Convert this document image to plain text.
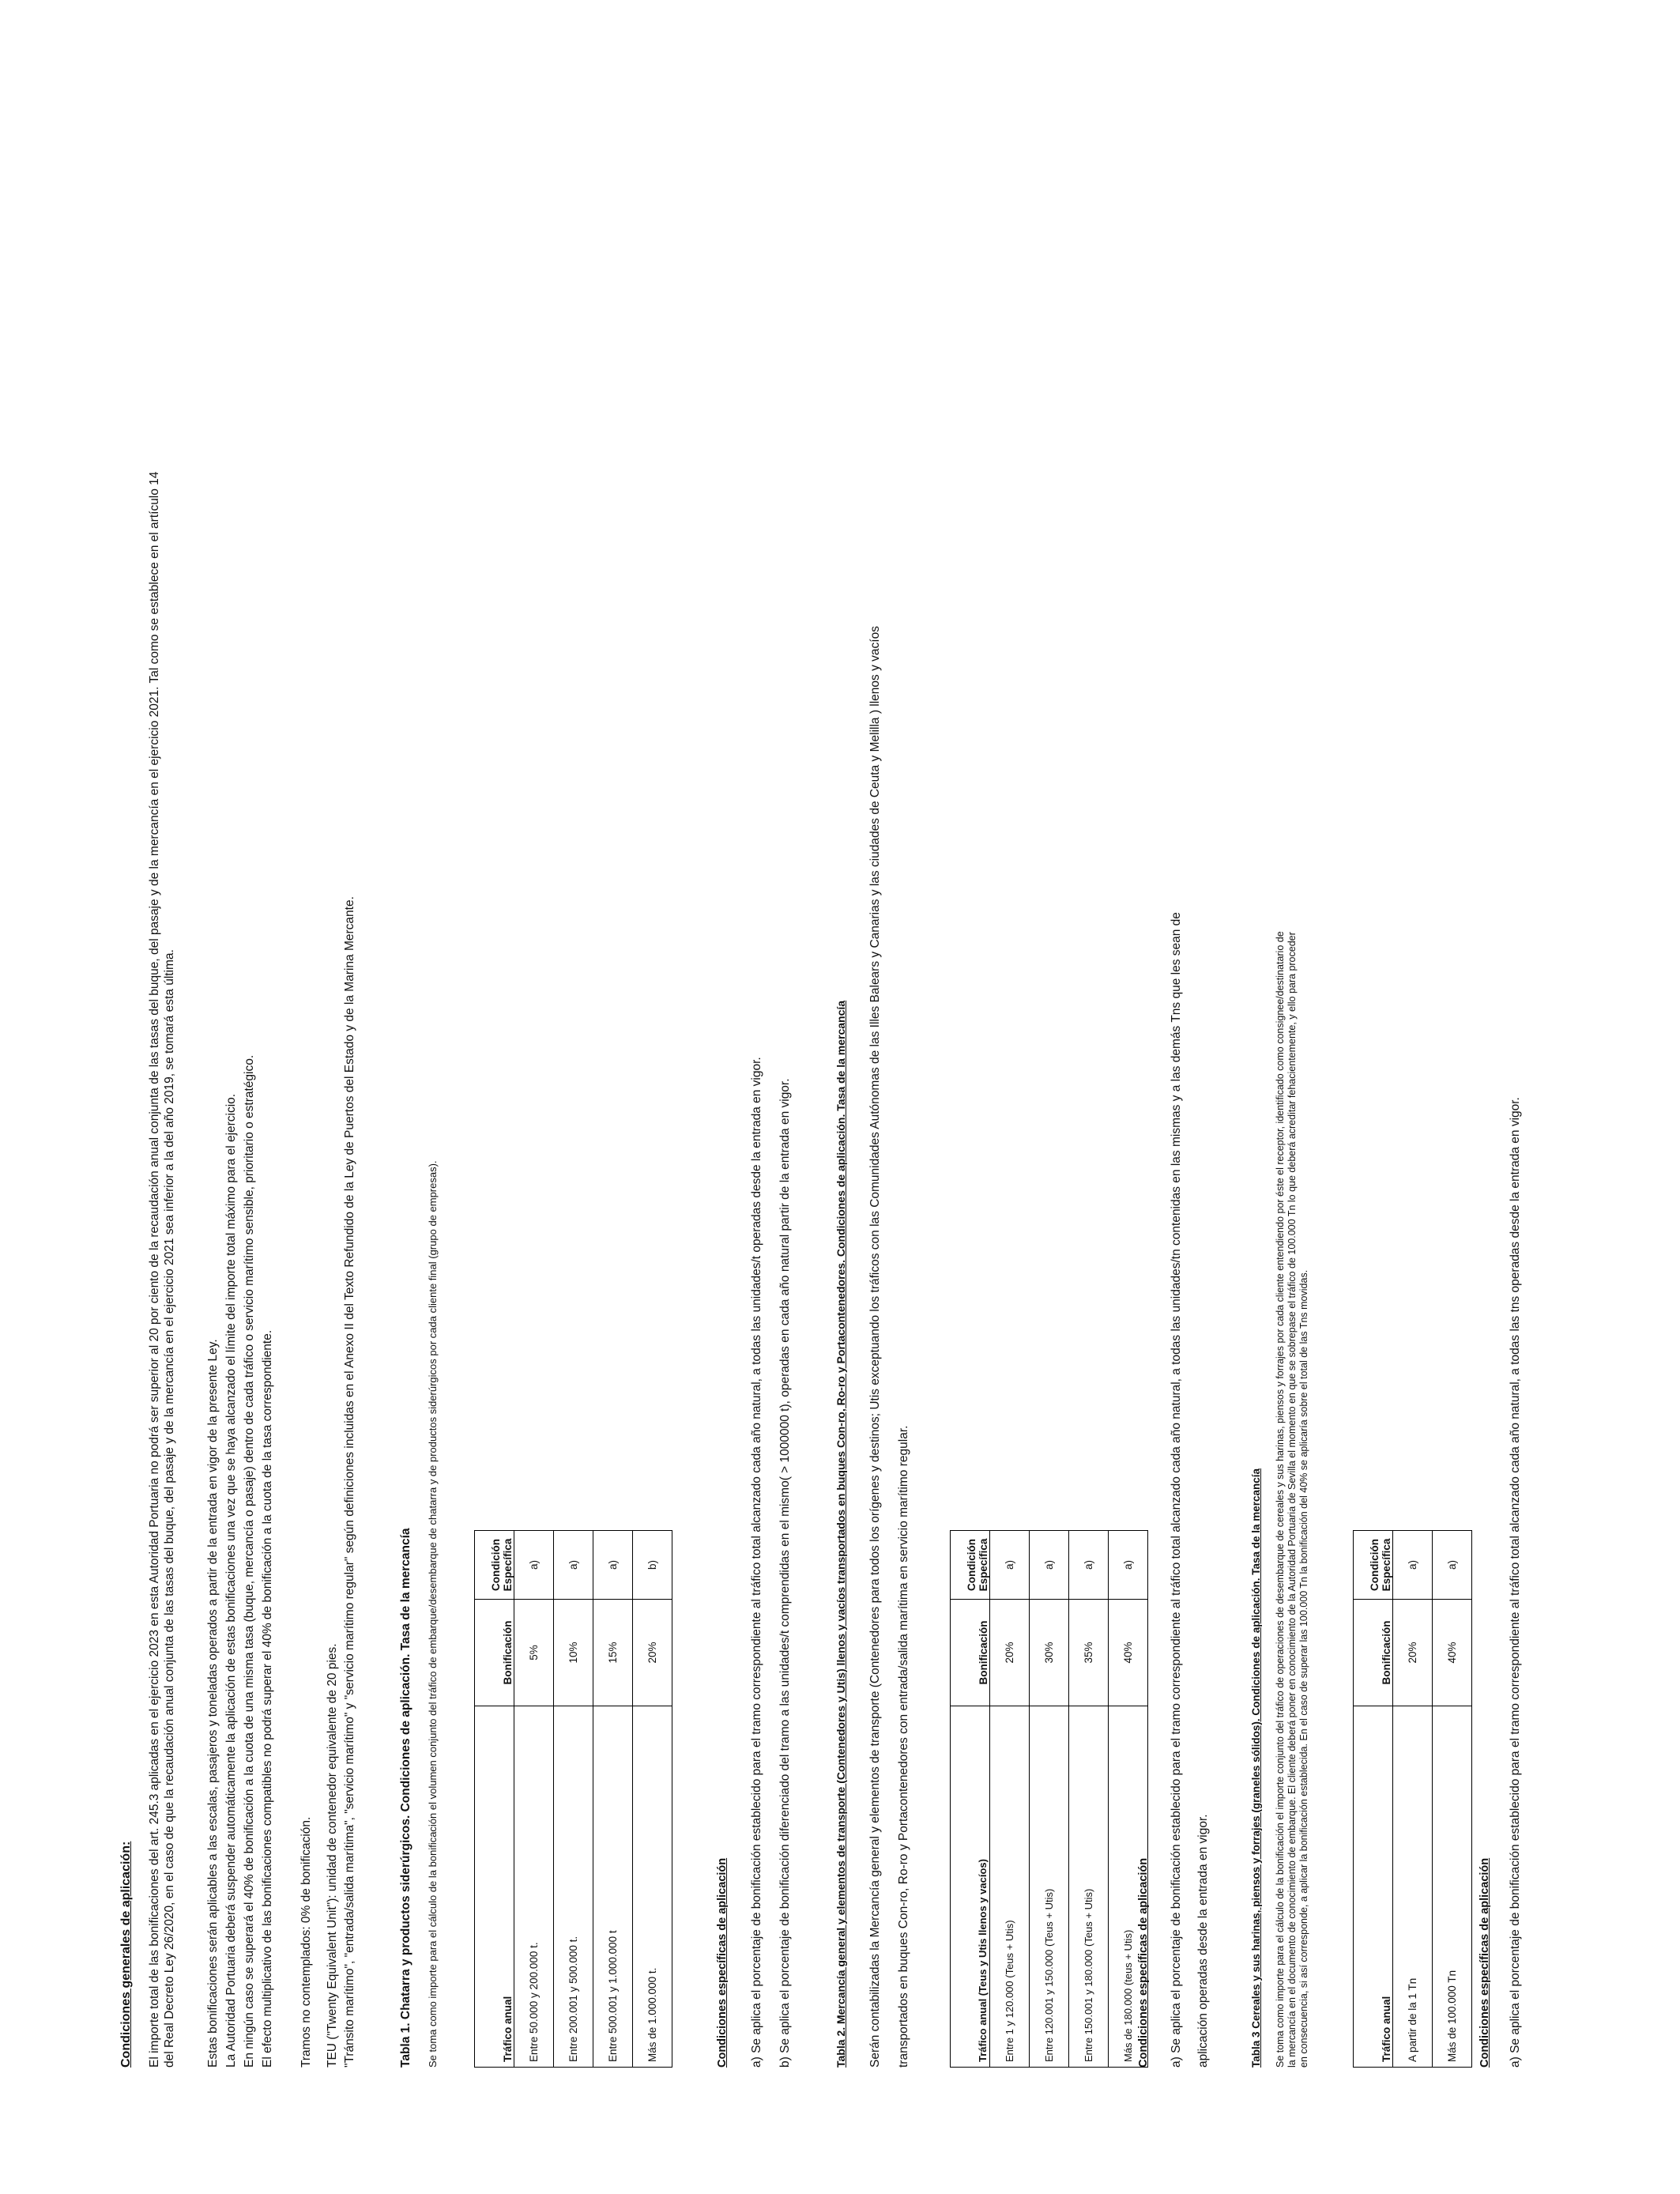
Condiciones generales de aplicación: El importe total de las bonificaciones del art. 245.3 aplicadas en el ejercicio 2023 en esta Autoridad Portuaria no podrá ser superior al 20 por ciento de la recaudación anual conjunta de las tasas del buque, del pasaje y de la mercancía en el ejercicio 2021. Tal como se establece en el artículo 14 del Real Decreto Ley 26/2020, en el caso de que la recaudación anual conjunta de las tasas del buque, del pasaje y de la mercancía en el ejercicio 2021 sea inferior a la del año 2019, se tomará esta última. Estas bonificaciones serán aplicables a las escalas, pasajeros y toneladas operados a partir de la entrada en vigor de la presente Ley. La Autoridad Portuaria deberá suspender automáticamente la aplicación de estas bonificaciones una vez que se haya alcanzado el límite del importe total máximo para el ejercicio. En ningún caso se superará el 40% de bonificación a la cuota de una misma tasa (buque, mercancía o pasaje) dentro de cada tráfico o servicio marítimo sensible, prioritario o estratégico. El efecto multiplicativo de las bonificaciones compatibles no podrá superar el 40% de bonificación a la cuota de la tasa correspondiente. Tramos no contemplados: 0% de bonificación. TEU ("Twenty Equivalent Unit"): unidad de contenedor equivalente de 20 pies. "Tránsito marítimo", "entrada/salida marítima", "servicio marítimo" y "servicio marítimo regular" según definiciones incluidas en el Anexo II del Texto Refundido de la Ley de Puertos del Estado y de la Marina Mercante.	Tabla 1. Chatarra y productos siderúrgicos. Condiciones de aplicación. Tasa de la mercancía Se toma como importe para el cálculo de la bonificación el volumen conjunto del tráfico de embarque/desembarque de chatarra y de productos siderúrgicos por cada cliente final (grupo de empresas).	Tráfico anual	Bonificación	Condición Específica
Entre 50.000 y 200.000 t.	5%	a)
Entre 200.001 y 500.000 t.	10%	a)
Entre 500.001 y 1.000.000 t	15%	a)
Más de 1.000.000 t.	20%	b)

Condiciones específicas de aplicación	a) Se aplica el porcentaje de bonificación establecido para el tramo correspondiente al tráfico total alcanzado cada año natural, a todas las unidades/t operadas desde la entrada en vigor.	b) Se aplica el porcentaje de bonificación diferenciado del tramo a las unidades/t comprendidas en el mismo( > 1000000 t), operadas en cada año natural partir de la entrada en vigor.	Tabla 2. Mercancía general y elementos de transporte (Contenedores y Utis) llenos y vacíos transportados en buques Con-ro, Ro-ro y Portacontenedores. Condiciones de aplicación. Tasa de la mercancía	Serán contabilizadas la Mercancía general y elementos de transporte (Contenedores para todos los orígenes y destinos; Utis exceptuando los tráficos con las Comunidades Autónomas de las Illes Balears y Canarias y las ciudades de Ceuta y Melilla ) llenos y vacíos	transportados en buques Con-ro, Ro-ro y Portacontenedores con entrada/salida marítima en servicio marítimo regular.	Tráfico anual (Teus y Utis llenos y vacíos)	Bonificación	Condición Específica
Entre 1 y 120.000 (Teus + Utis)	20%	a)
Entre 120.001 y 150.000 (Teus + Utis)	30%	a)
Entre 150.001 y 180.000 (Teus + Utis)	35%	a)
Más de 180.000 (teus + Utis)	40%	a)

Condiciones específicas de aplicación	a) Se aplica el porcentaje de bonificación establecido para el tramo correspondiente al tráfico total alcanzado cada año natural, a todas las unidades/tn contenidas en las mismas y a las demás Tns que les sean de	aplicación operadas desde la entrada en vigor.	Tabla 3 Cereales y sus harinas, piensos y forrajes (graneles sólidos). Condiciones de aplicación. Tasa de la mercancía Se toma como importe para el cálculo de la bonificación el importe conjunto del tráfico de operaciones de desembarque de cereales y sus harinas, piensos y forrajes por cada cliente entendiendo por éste el receptor, identificado como consignee/destinatario de la mercancía en el documento de conocimiento de embarque. El cliente deberá poner en conocimiento de la Autoridad Portuaria de Sevilla el momento en que se sobrepase el tráfico de 100.000 Tn lo que deberá acreditar fehacientemente, y ello para proceder en consecuencia, si así corresponde, a aplicar la bonificación establecida. En el caso de superar las 100.000 Tn la bonificación del 40% se aplicaría sobre el total de las Tns movidas.	Tráfico anual	Bonificación	Condición Específica
A partir de la 1 Tn	20%	a)
Más de 100.000 Tn	40%	a)

Condiciones específicas de aplicación a) Se aplica el porcentaje de bonificación establecido para el tramo correspondiente al tráfico total alcanzado cada año natural, a todas las tns operadas desde la entrada en vigor.
